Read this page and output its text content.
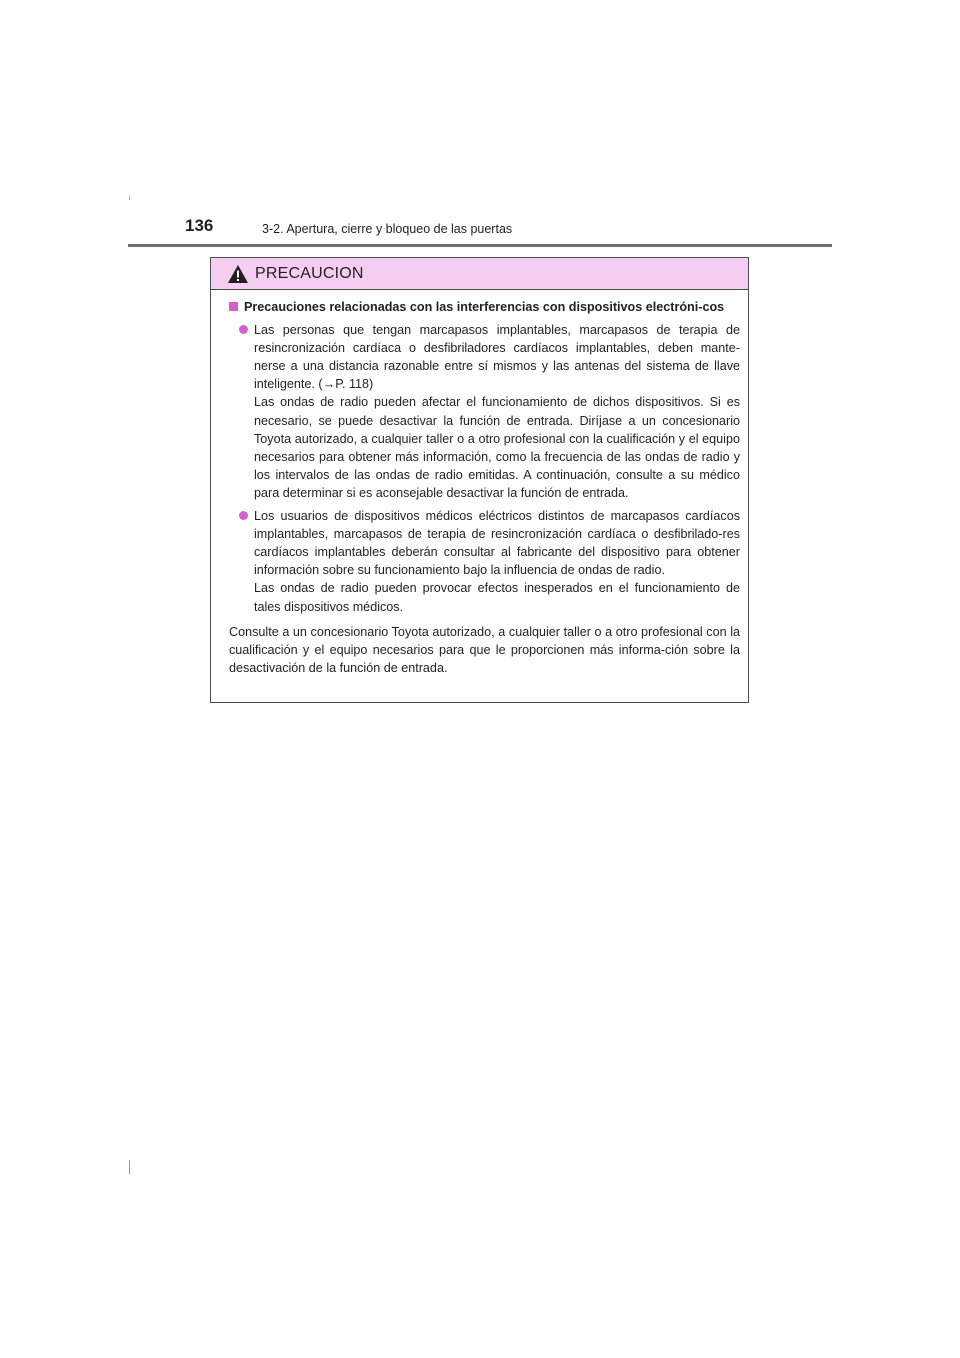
136	3-2. Apertura, cierre y bloqueo de las puertas
PRECAUCION

Precauciones relacionadas con las interferencias con dispositivos electróni-cos

Las personas que tengan marcapasos implantables, marcapasos de terapia de resincronización cardíaca o desfibriladores cardíacos implantables, deben mante-nerse a una distancia razonable entre sí mismos y las antenas del sistema de llave inteligente. (→P. 118)

Las ondas de radio pueden afectar el funcionamiento de dichos dispositivos. Si es necesario, se puede desactivar la función de entrada. Diríjase a un concesionario Toyota autorizado, a cualquier taller o a otro profesional con la cualificación y el equipo necesarios para obtener más información, como la frecuencia de las ondas de radio y los intervalos de las ondas de radio emitidas. A continuación, consulte a su médico para determinar si es aconsejable desactivar la función de entrada.

Los usuarios de dispositivos médicos eléctricos distintos de marcapasos cardíacos implantables, marcapasos de terapia de resincronización cardíaca o desfibrilado-res cardíacos implantables deberán consultar al fabricante del dispositivo para obtener información sobre su funcionamiento bajo la influencia de ondas de radio.

Las ondas de radio pueden provocar efectos inesperados en el funcionamiento de tales dispositivos médicos.

Consulte a un concesionario Toyota autorizado, a cualquier taller o a otro profesional con la cualificación y el equipo necesarios para que le proporcionen más informa-ción sobre la desactivación de la función de entrada.
